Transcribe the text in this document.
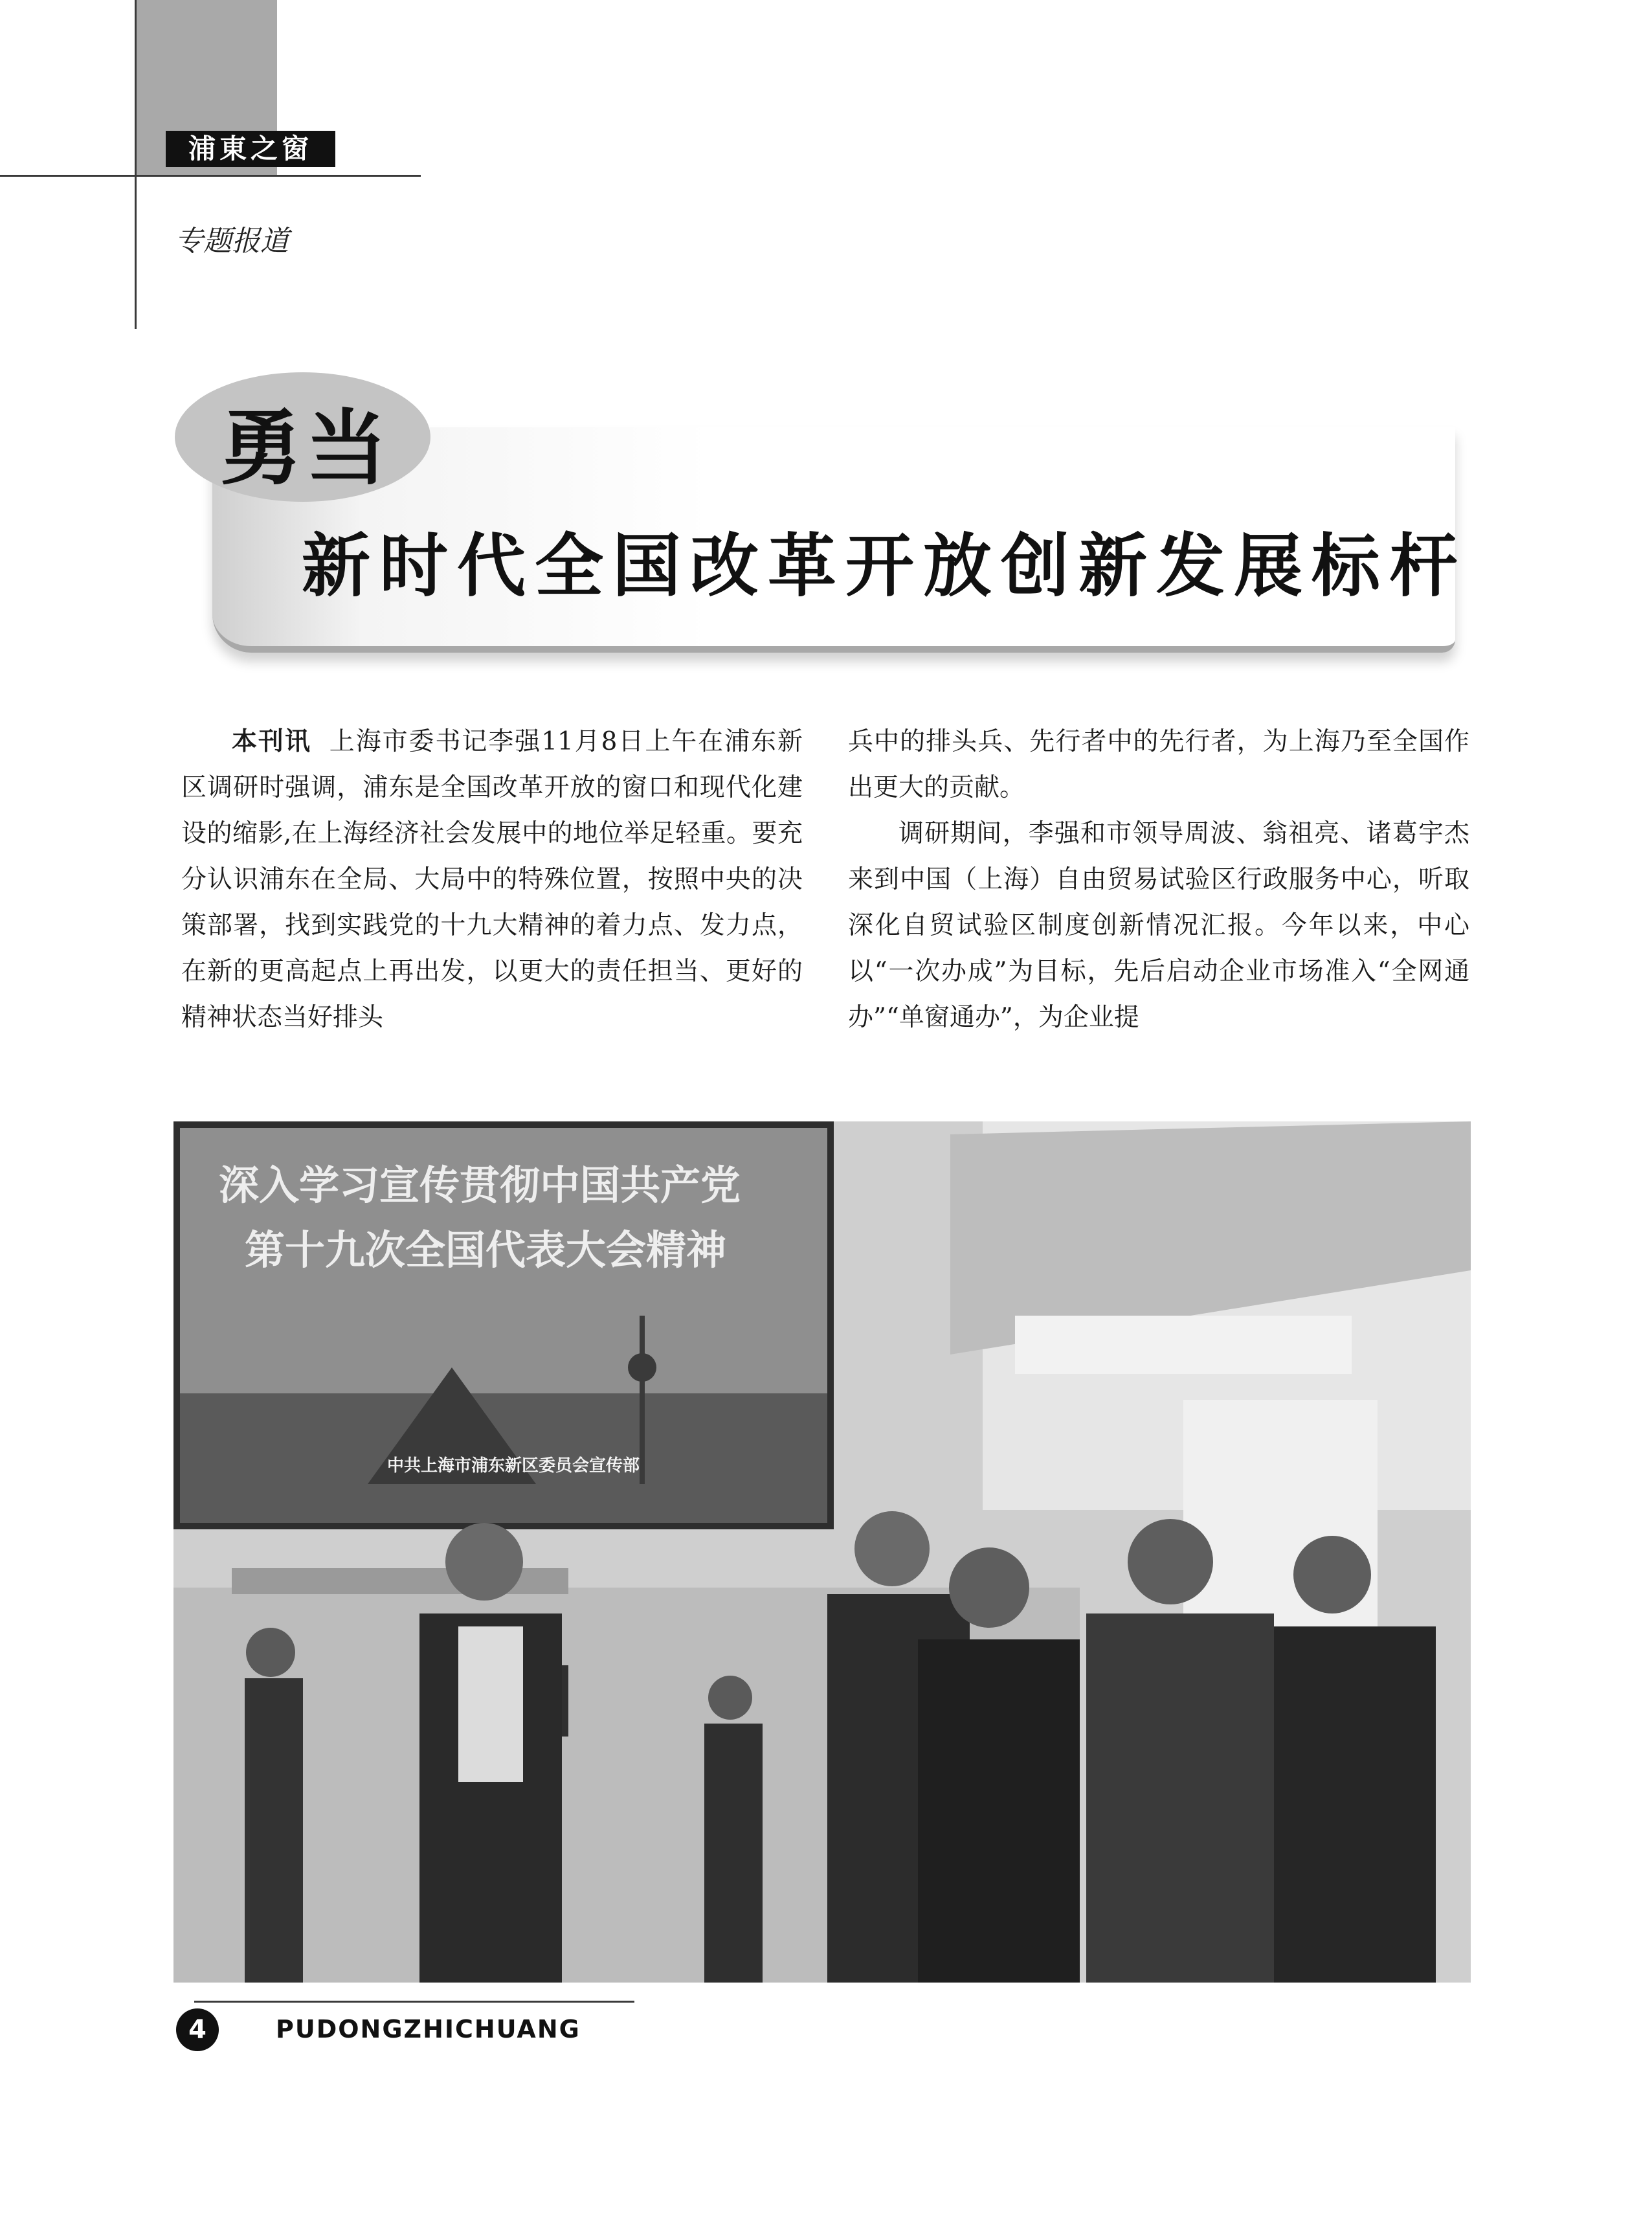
浦東之窗
专题报道
勇当
新时代全国改革开放创新发展标杆

本刊讯 上海市委书记李强11月8日上午在浦东新区调研时强调，浦东是全国改革开放的窗口和现代化建设的缩影,在上海经济社会发展中的地位举足轻重。要充分认识浦东在全局、大局中的特殊位置，按照中央的决策部署，找到实践党的十九大精神的着力点、发力点，在新的更高起点上再出发，以更大的责任担当、更好的精神状态当好排头

兵中的排头兵、先行者中的先行者，为上海乃至全国作出更大的贡献。

调研期间，李强和市领导周波、翁祖亮、诸葛宇杰来到中国（上海）自由贸易试验区行政服务中心，听取深化自贸试验区制度创新情况汇报。今年以来，中心以“一次办成”为目标，先后启动企业市场准入“全网通办”“单窗通办”，为企业提

深入学习宣传贯彻中国共产党
第十九次全国代表大会精神
中共上海市浦东新区委员会宣传部
4	PUDONGZHICHUANG
